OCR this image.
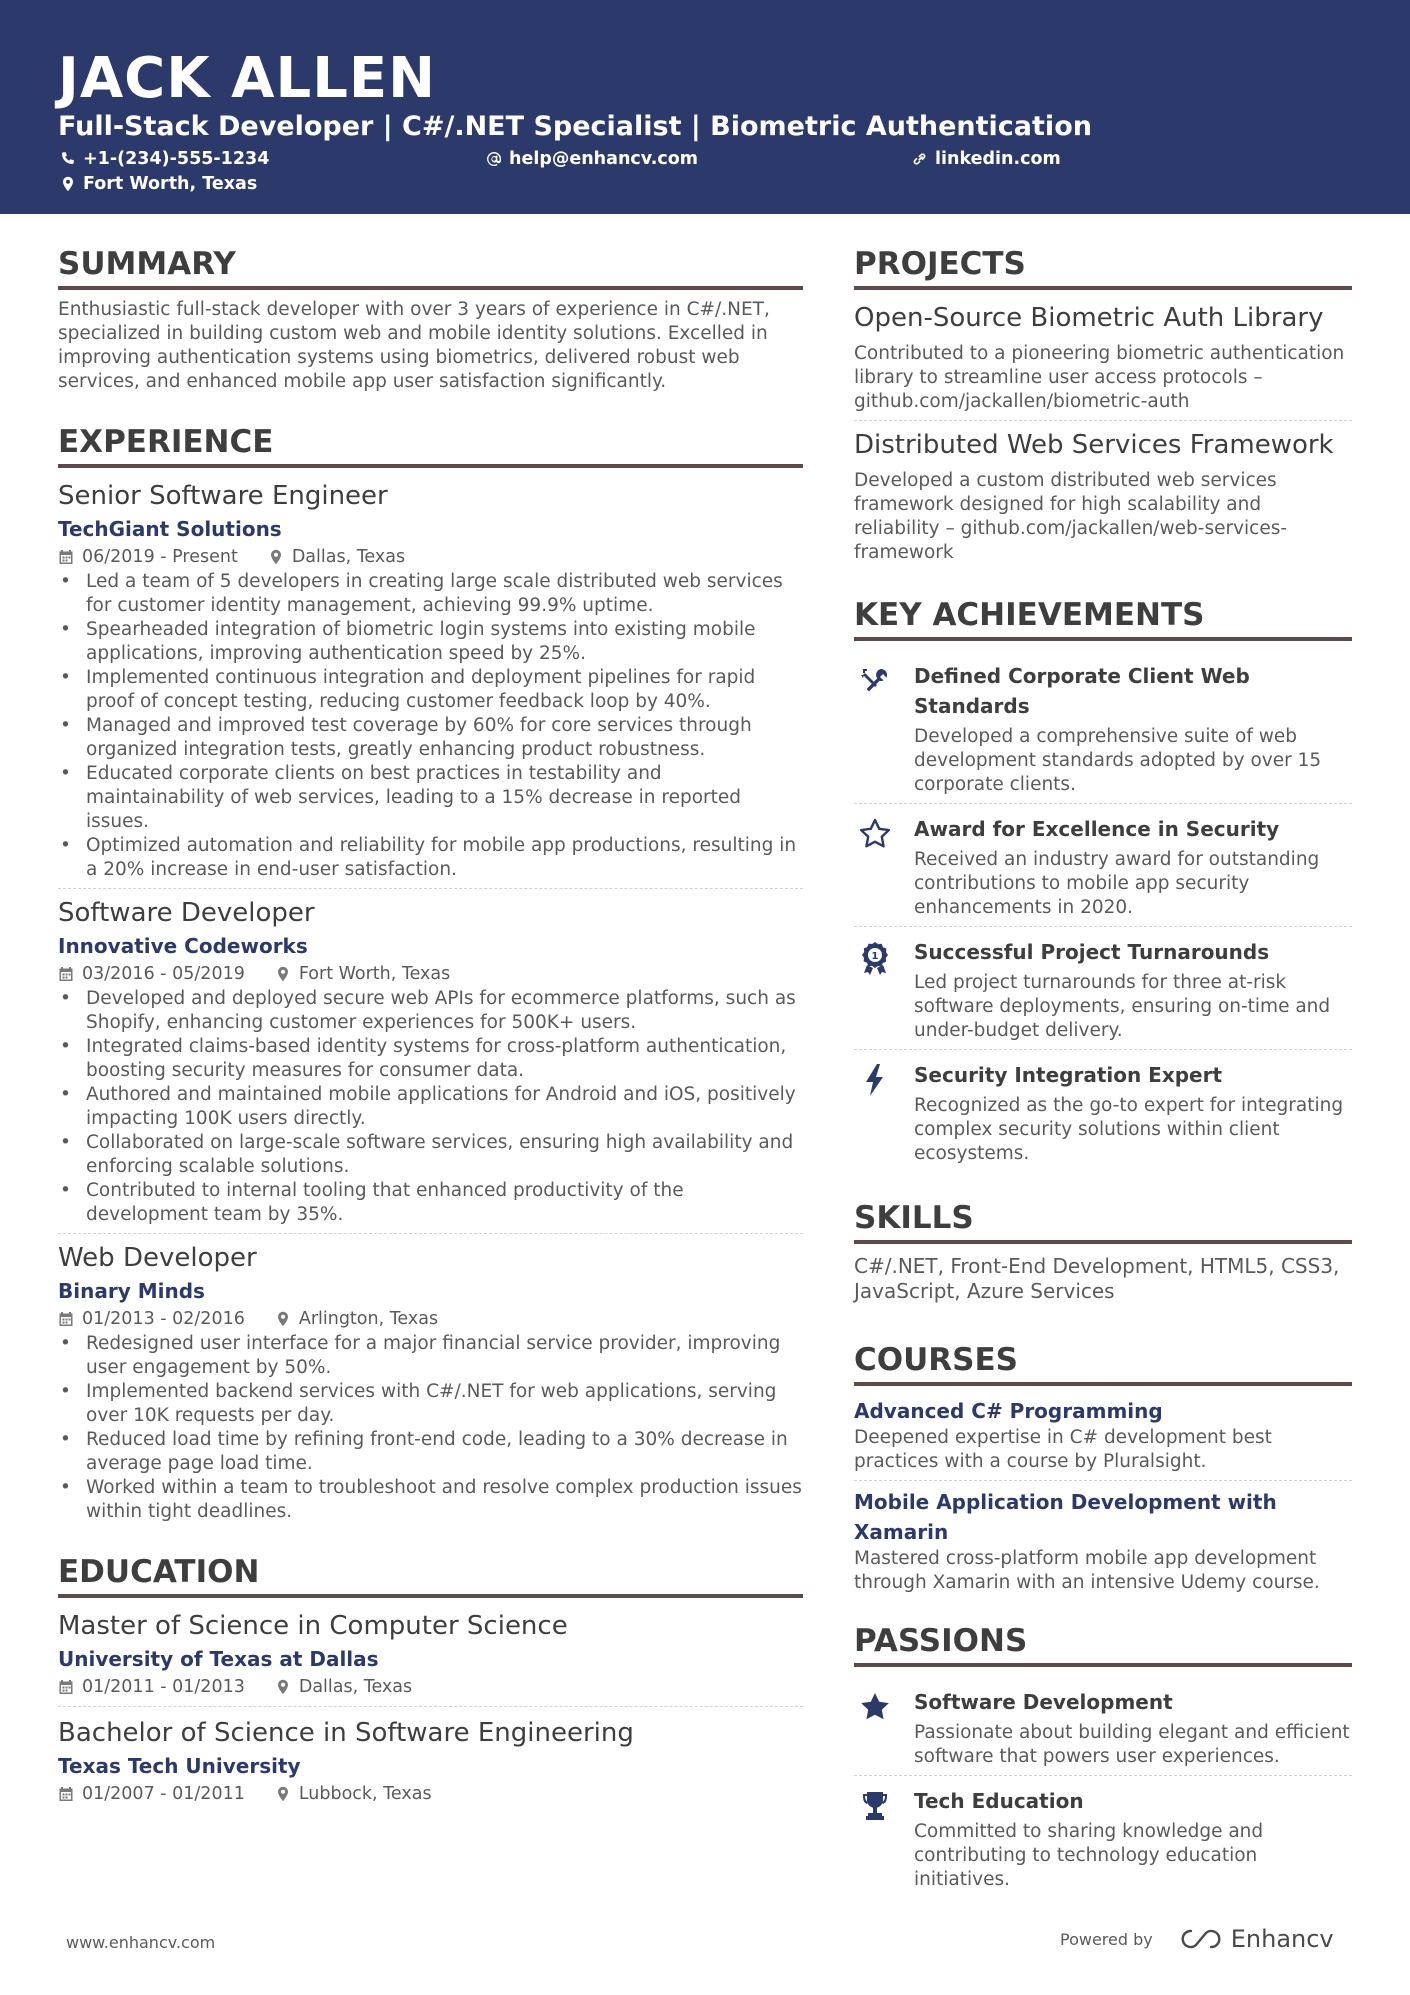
JACK ALLEN
Full-Stack Developer | C#/.NET Specialist | Biometric Authentication
+1-(234)-555-1234	help@enhancv.com	linkedin.com
Fort Worth, Texas
SUMMARY
Enthusiastic full-stack developer with over 3 years of experience in C#/.NET, specialized in building custom web and mobile identity solutions. Excelled in improving authentication systems using biometrics, delivered robust web services, and enhanced mobile app user satisfaction significantly.
EXPERIENCE
Senior Software Engineer
TechGiant Solutions
06/2019 - Present	Dallas, Texas
• Led a team of 5 developers in creating large scale distributed web services for customer identity management, achieving 99.9% uptime.
• Spearheaded integration of biometric login systems into existing mobile applications, improving authentication speed by 25%.
• Implemented continuous integration and deployment pipelines for rapid proof of concept testing, reducing customer feedback loop by 40%.
• Managed and improved test coverage by 60% for core services through organized integration tests, greatly enhancing product robustness.
• Educated corporate clients on best practices in testability and maintainability of web services, leading to a 15% decrease in reported issues.
• Optimized automation and reliability for mobile app productions, resulting in a 20% increase in end-user satisfaction.
Software Developer
Innovative Codeworks
03/2016 - 05/2019	Fort Worth, Texas
• Developed and deployed secure web APIs for ecommerce platforms, such as Shopify, enhancing customer experiences for 500K+ users.
• Integrated claims-based identity systems for cross-platform authentication, boosting security measures for consumer data.
• Authored and maintained mobile applications for Android and iOS, positively impacting 100K users directly.
• Collaborated on large-scale software services, ensuring high availability and enforcing scalable solutions.
• Contributed to internal tooling that enhanced productivity of the development team by 35%.
Web Developer
Binary Minds
01/2013 - 02/2016	Arlington, Texas
• Redesigned user interface for a major financial service provider, improving user engagement by 50%.
• Implemented backend services with C#/.NET for web applications, serving over 10K requests per day.
• Reduced load time by refining front-end code, leading to a 30% decrease in average page load time.
• Worked within a team to troubleshoot and resolve complex production issues within tight deadlines.
EDUCATION
Master of Science in Computer Science
University of Texas at Dallas
01/2011 - 01/2013	Dallas, Texas
Bachelor of Science in Software Engineering
Texas Tech University
01/2007 - 01/2011	Lubbock, Texas
PROJECTS
Open-Source Biometric Auth Library
Contributed to a pioneering biometric authentication library to streamline user access protocols – github.com/jackallen/biometric-auth
Distributed Web Services Framework
Developed a custom distributed web services framework designed for high scalability and reliability – github.com/jackallen/web-services-framework
KEY ACHIEVEMENTS
Defined Corporate Client Web Standards
Developed a comprehensive suite of web development standards adopted by over 15 corporate clients.
Award for Excellence in Security
Received an industry award for outstanding contributions to mobile app security enhancements in 2020.
1 Successful Project Turnarounds
Led project turnarounds for three at-risk software deployments, ensuring on-time and under-budget delivery.
Security Integration Expert
Recognized as the go-to expert for integrating complex security solutions within client ecosystems.
SKILLS
C#/.NET, Front-End Development, HTML5, CSS3, JavaScript, Azure Services
COURSES
Advanced C# Programming
Deepened expertise in C# development best practices with a course by Pluralsight.
Mobile Application Development with Xamarin
Mastered cross-platform mobile app development through Xamarin with an intensive Udemy course.
PASSIONS
Software Development
Passionate about building elegant and efficient software that powers user experiences.
Tech Education
Committed to sharing knowledge and contributing to technology education initiatives.
www.enhancv.com	Powered by	Enhancv
